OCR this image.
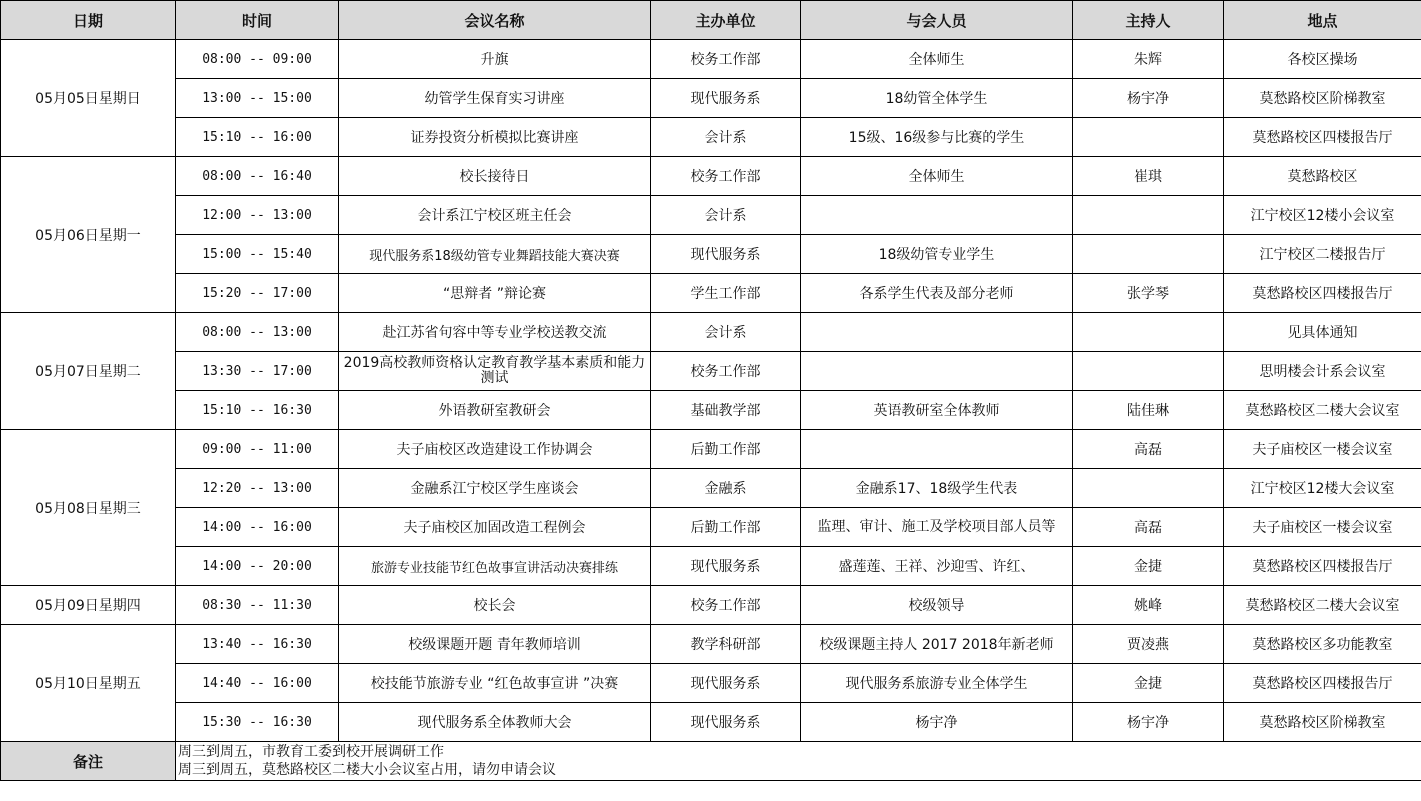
日期	时间	会议名称	主办单位	与会人员	主持人	地点
05月05日星期日	08:00 -- 09:00	升旗	校务工作部	全体师生	朱辉	各校区操场
	13:00 -- 15:00	幼管学生保育实习讲座	现代服务系	18幼管全体学生	杨宇净	莫愁路校区阶梯教室
	15:10 -- 16:00	证券投资分析模拟比赛讲座	会计系	15级、16级参与比赛的学生		莫愁路校区四楼报告厅
05月06日星期一	08:00 -- 16:40	校长接待日	校务工作部	全体师生	崔琪	莫愁路校区
	12:00 -- 13:00	会计系江宁校区班主任会	会计系			江宁校区12楼小会议室
	15:00 -- 15:40	现代服务系18级幼管专业舞蹈技能大赛决赛	现代服务系	18级幼管专业学生		江宁校区二楼报告厅
	15:20 -- 17:00	“思辩者 ”辩论赛	学生工作部	各系学生代表及部分老师	张学琴	莫愁路校区四楼报告厅
05月07日星期二	08:00 -- 13:00	赴江苏省句容中等专业学校送教交流	会计系			见具体通知
	13:30 -- 17:00	2019高校教师资格认定教育教学基本素质和能力测试	校务工作部			思明楼会计系会议室
	15:10 -- 16:30	外语教研室教研会	基础教学部	英语教研室全体教师	陆佳琳	莫愁路校区二楼大会议室
05月08日星期三	09:00 -- 11:00	夫子庙校区改造建设工作协调会	后勤工作部		高磊	夫子庙校区一楼会议室
	12:20 -- 13:00	金融系江宁校区学生座谈会	金融系	金融系17、18级学生代表		江宁校区12楼大会议室
	14:00 -- 16:00	夫子庙校区加固改造工程例会	后勤工作部	监理、审计、施工及学校项目部人员等	高磊	夫子庙校区一楼会议室
	14:00 -- 20:00	旅游专业技能节红色故事宣讲活动决赛排练	现代服务系	盛莲莲、王祥、沙迎雪、许红、	金捷	莫愁路校区四楼报告厅
05月09日星期四	08:30 -- 11:30	校长会	校务工作部	校级领导	姚峰	莫愁路校区二楼大会议室
05月10日星期五	13:40 -- 16:30	校级课题开题 青年教师培训	教学科研部	校级课题主持人 2017 2018年新老师	贾凌燕	莫愁路校区多功能教室
	14:40 -- 16:00	校技能节旅游专业 “红色故事宣讲 ”决赛	现代服务系	现代服务系旅游专业全体学生	金捷	莫愁路校区四楼报告厅
	15:30 -- 16:30	现代服务系全体教师大会	现代服务系	杨宇净	杨宇净	莫愁路校区阶梯教室
备注	周三到周五，市教育工委到校开展调研工作
周三到周五，莫愁路校区二楼大小会议室占用，请勿申请会议					
